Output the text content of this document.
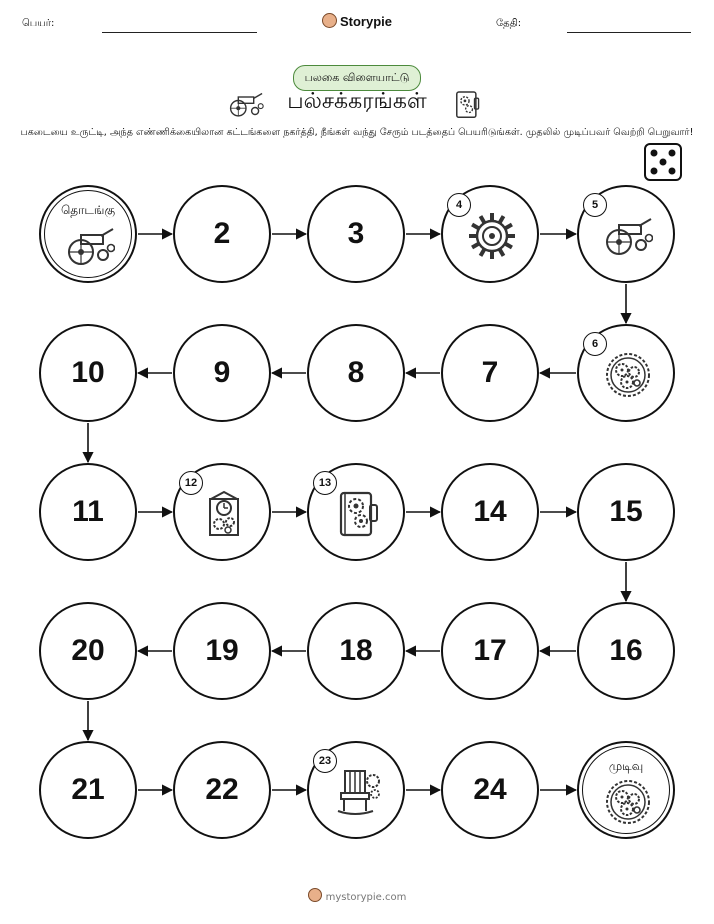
பெயர்:	Storypie	தேதி:
பலகை விளையாட்டு
பல்சக்கரங்கள்
பகடையை உருட்டி, அந்த எண்ணிக்கையிலான கட்டங்களை நகர்த்தி, நீங்கள் வந்து சேரும் படத்தைப் பெயரிடுங்கள். முதலில் முடிப்பவர் வெற்றி பெறுவார்!
தொடங்கு
2	3
4	5
6
7
8
9
10
11
12	13
14	15
16
17
18
19
20
21	22
23
24
முடிவு
mystorypie.com
